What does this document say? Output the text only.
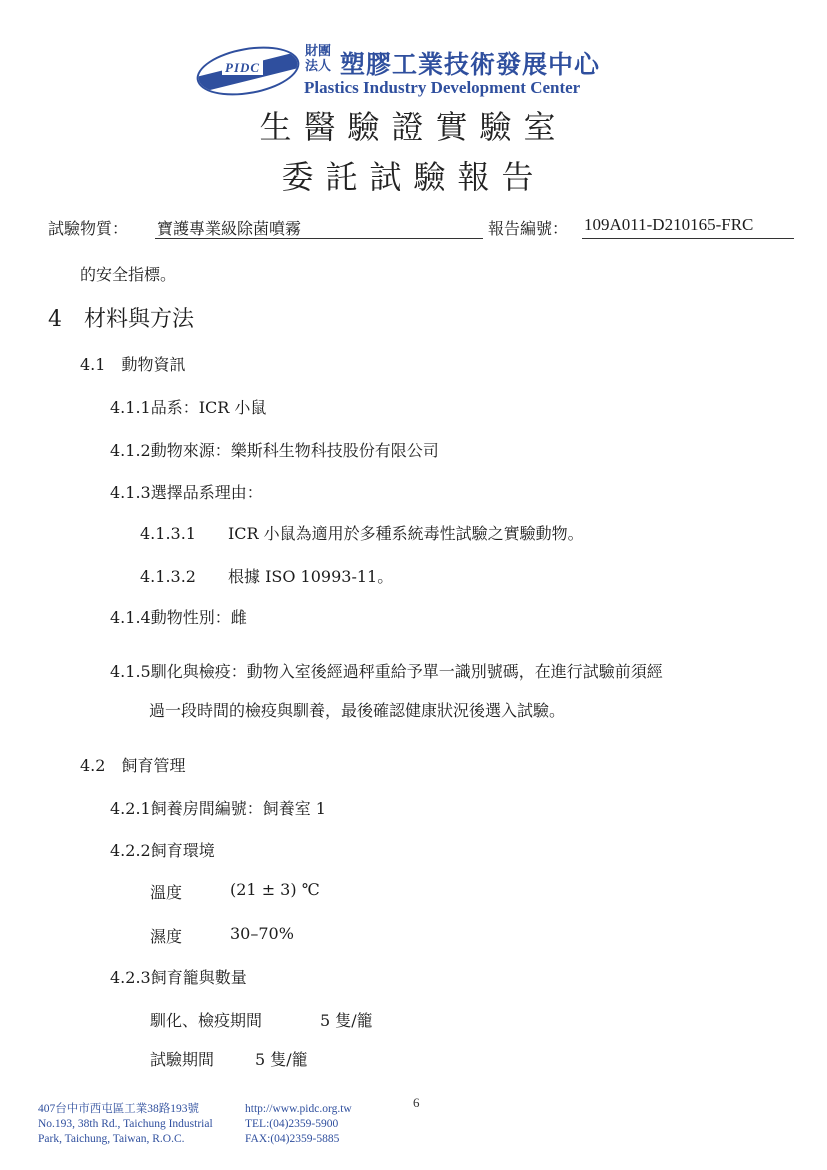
PIDC
財團法人 塑膠工業技術發展中心
Plastics Industry Development Center
生醫驗證實驗室
委託試驗報告
試驗物質： 寶護專業級除菌噴霧	報告編號： 109A011-D210165-FRC
的安全指標。
4　材料與方法
4.1　動物資訊
4.1.1品系：ICR 小鼠
4.1.2動物來源：樂斯科生物科技股份有限公司
4.1.3選擇品系理由：
4.1.3.1　　ICR 小鼠為適用於多種系統毒性試驗之實驗動物。
4.1.3.2　　根據 ISO 10993-11。
4.1.4動物性別：雌
4.1.5馴化與檢疫：動物入室後經過秤重給予單一識別號碼，在進行試驗前須經
過一段時間的檢疫與馴養，最後確認健康狀況後選入試驗。
4.2　飼育管理
4.2.1飼養房間編號：飼養室 1
4.2.2飼育環境
溫度	(21 ± 3) ℃
濕度	30–70%
4.2.3飼育籠與數量
馴化、檢疫期間	5 隻/籠
試驗期間	5 隻/籠
6
407台中市西屯區工業38路193號
No.193, 38th Rd., Taichung Industrial
Park, Taichung, Taiwan, R.O.C.
http://www.pidc.org.tw
TEL:(04)2359-5900
FAX:(04)2359-5885
